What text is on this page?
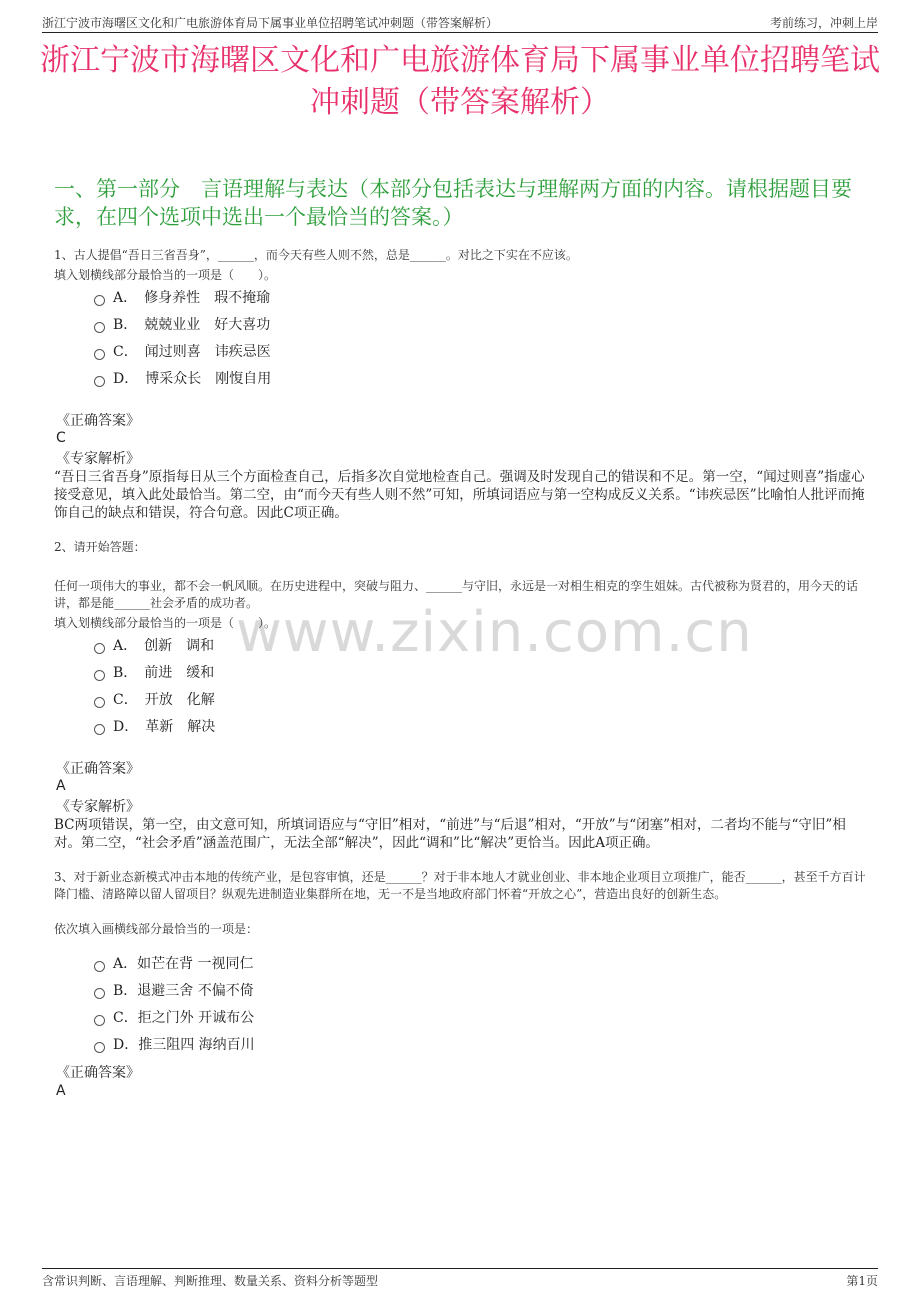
浙江宁波市海曙区文化和广电旅游体育局下属事业单位招聘笔试冲刺题（带答案解析）	考前练习，冲刺上岸
浙江宁波市海曙区文化和广电旅游体育局下属事业单位招聘笔试冲刺题（带答案解析）
一、第一部分　言语理解与表达（本部分包括表达与理解两方面的内容。请根据题目要求，在四个选项中选出一个最恰当的答案。）
www.zixin.com.cn
1、古人提倡“吾日三省吾身”，______，而今天有些人则不然，总是______。对比之下实在不应该。
填入划横线部分最恰当的一项是（　　）。
A．　修身养性　瑕不掩瑜
B．　兢兢业业　好大喜功
C．　闻过则喜　讳疾忌医
D．　博采众长　刚愎自用
《正确答案》
C
《专家解析》
“吾日三省吾身”原指每日从三个方面检查自己，后指多次自觉地检查自己。强调及时发现自己的错误和不足。第一空，“闻过则喜”指虚心接受意见，填入此处最恰当。第二空，由“而今天有些人则不然”可知，所填词语应与第一空构成反义关系。“讳疾忌医”比喻怕人批评而掩饰自己的缺点和错误，符合句意。因此C项正确。
2、请开始答题：
任何一项伟大的事业，都不会一帆风顺。在历史进程中，突破与阻力、______与守旧，永远是一对相生相克的孪生姐妹。古代被称为贤君的，用今天的话讲，都是能______社会矛盾的成功者。
填入划横线部分最恰当的一项是（　　）。
A．　创新　调和
B．　前进　缓和
C．　开放　化解
D．　革新　解决
《正确答案》
A
《专家解析》
BC两项错误，第一空，由文意可知，所填词语应与“守旧”相对，“前进”与“后退”相对，“开放”与“闭塞”相对，二者均不能与“守旧”相对。第二空，“社会矛盾”涵盖范围广，无法全部“解决”，因此“调和”比“解决”更恰当。因此A项正确。
3、对于新业态新模式冲击本地的传统产业，是包容审慎，还是______？对于非本地人才就业创业、非本地企业项目立项推广，能否______，甚至千方百计降门槛、清路障以留人留项目？纵观先进制造业集群所在地，无一不是当地政府部门怀着“开放之心”，营造出良好的创新生态。
依次填入画横线部分最恰当的一项是：
A．如芒在背 一视同仁
B．退避三舍 不偏不倚
C．拒之门外 开诚布公
D．推三阻四 海纳百川
《正确答案》
A
含常识判断、言语理解、判断推理、数量关系、资料分析等题型	第1页
